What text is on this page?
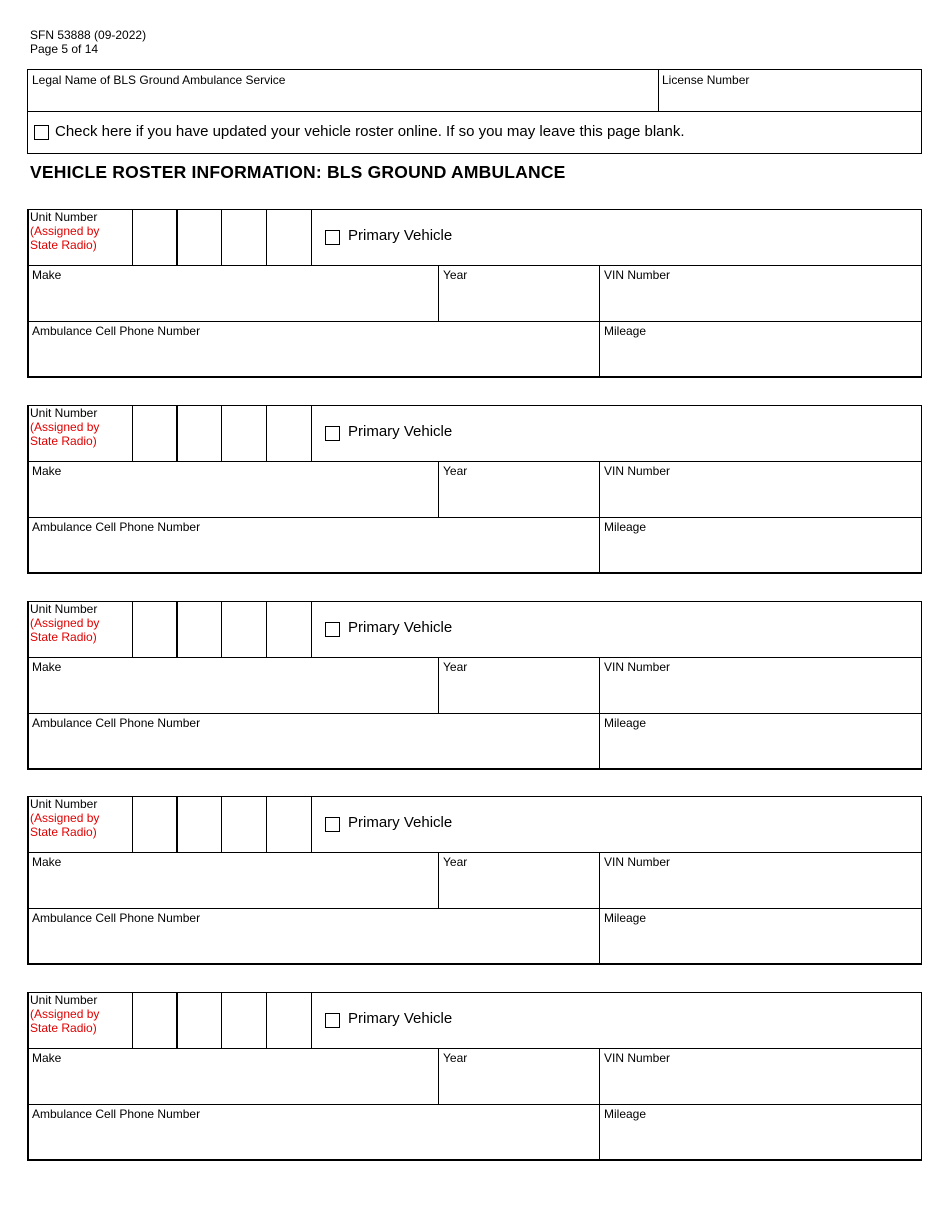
SFN 53888 (09-2022)
Page 5 of 14
Legal Name of BLS Ground Ambulance Service	License Number
Check here if you have updated your vehicle roster online. If so you may leave this page blank.
VEHICLE ROSTER INFORMATION: BLS GROUND AMBULANCE
Unit Number
(Assigned by
State Radio)
Primary Vehicle
Make	Year	VIN Number
Ambulance Cell Phone Number	Mileage
Unit Number
(Assigned by
State Radio)
Primary Vehicle
Make	Year	VIN Number
Ambulance Cell Phone Number	Mileage
Unit Number
(Assigned by
State Radio)
Primary Vehicle
Make	Year	VIN Number
Ambulance Cell Phone Number	Mileage
Unit Number
(Assigned by
State Radio)
Primary Vehicle
Make	Year	VIN Number
Ambulance Cell Phone Number	Mileage
Unit Number
(Assigned by
State Radio)
Primary Vehicle
Make	Year	VIN Number
Ambulance Cell Phone Number	Mileage
